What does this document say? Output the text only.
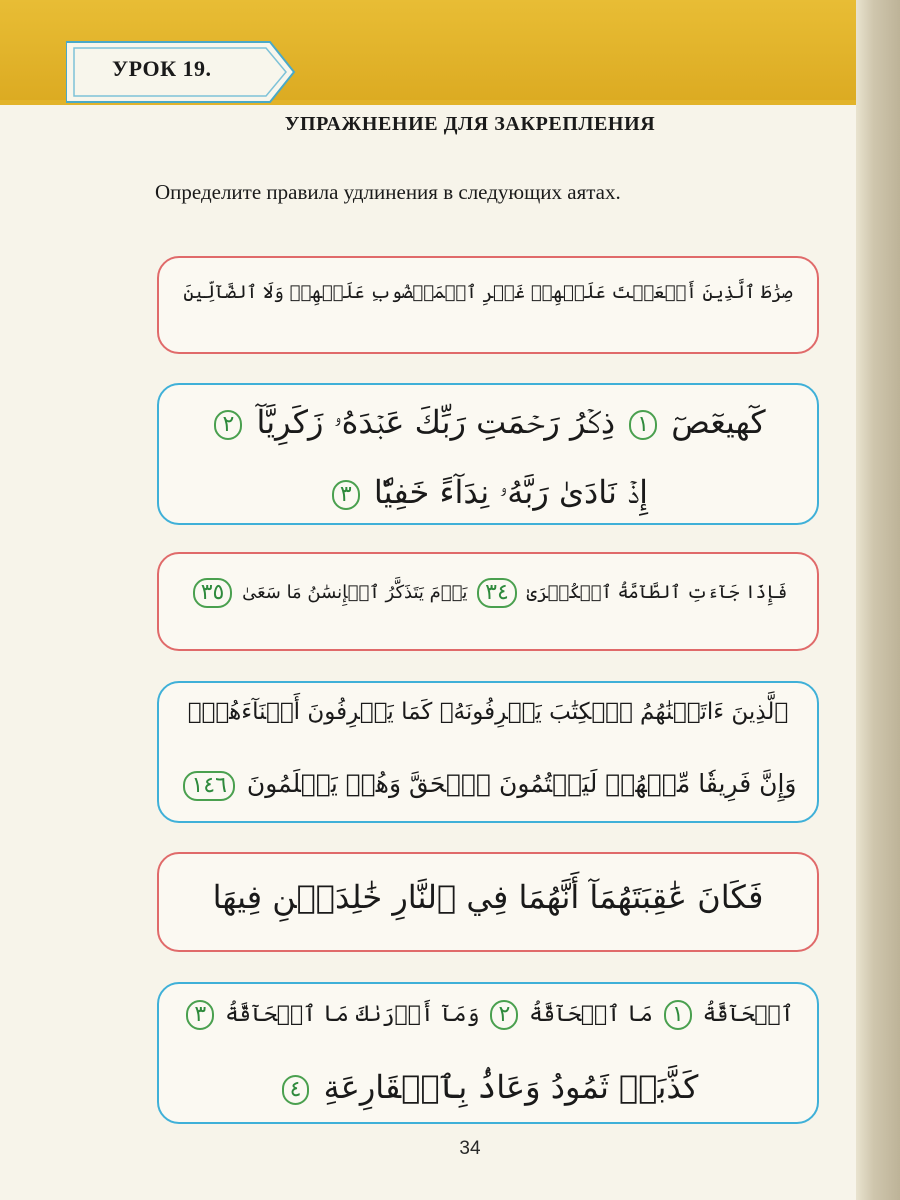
УРОК 19.
УПРАЖНЕНИЕ ДЛЯ ЗАКРЕПЛЕНИЯ
Определите правила удлинения в следующих аятах.
صِرَٰطَ ٱلَّذِينَ أَنۡعَمۡتَ عَلَيۡهِمۡ غَيۡرِ ٱلۡمَغۡضُوبِ عَلَيۡهِمۡ وَلَا ٱلضَّآلِّينَ
كٓهيعٓصٓ ١ ذِكۡرُ رَحۡمَتِ رَبِّكَ عَبۡدَهُۥ زَكَرِيَّآ ٢
إِذۡ نَادَىٰ رَبَّهُۥ نِدَآءً خَفِيّٗا ٣
فَإِذَا جَآءَتِ ٱلطَّآمَّةُ ٱلۡكُبۡرَىٰ ٣٤ يَوۡمَ يَتَذَكَّرُ ٱلۡإِنسَٰنُ مَا سَعَىٰ ٣٥
ٱلَّذِينَ ءَاتَيۡنَٰهُمُ ٱلۡكِتَٰبَ يَعۡرِفُونَهُۥ كَمَا يَعۡرِفُونَ أَبۡنَآءَهُمۡۖ
وَإِنَّ فَرِيقٗا مِّنۡهُمۡ لَيَكۡتُمُونَ ٱلۡحَقَّ وَهُمۡ يَعۡلَمُونَ ١٤٦
فَكَانَ عَٰقِبَتَهُمَآ أَنَّهُمَا فِي ٱلنَّارِ خَٰلِدَيۡنِ فِيهَا
ٱلۡحَآقَّةُ ١ مَا ٱلۡحَآقَّةُ ٢ وَمَآ أَدۡرَىٰكَ مَا ٱلۡحَآقَّةُ ٣
كَذَّبَتۡ ثَمُودُ وَعَادُۢ بِٱلۡقَارِعَةِ ٤
34
